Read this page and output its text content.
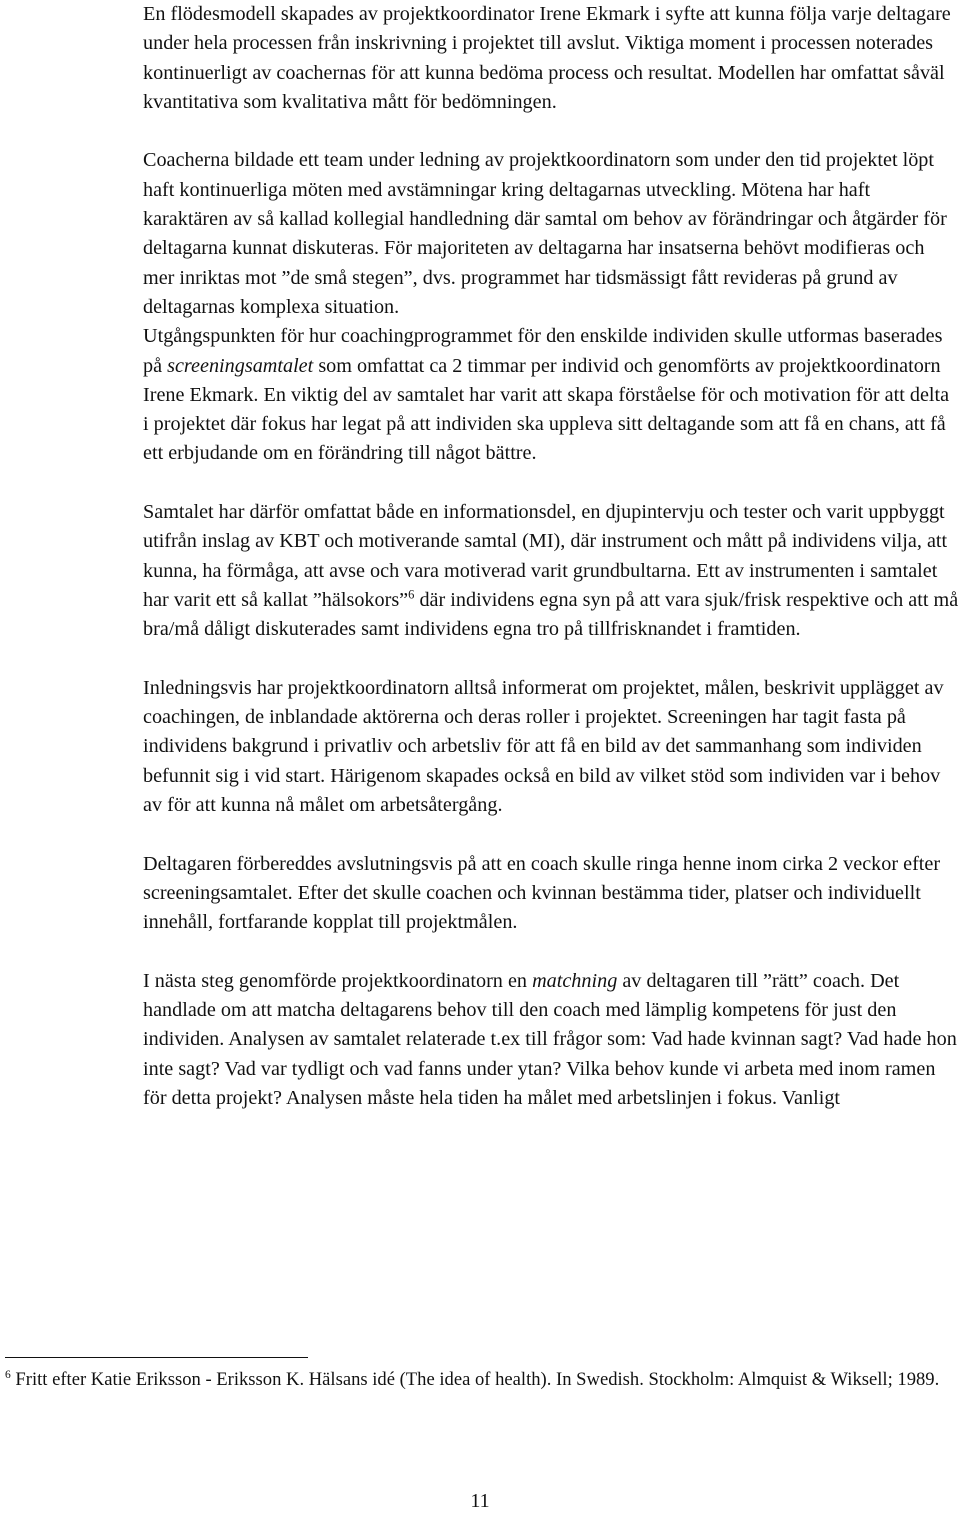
En flödesmodell skapades av projektkoordinator Irene Ekmark i syfte att kunna följa varje deltagare under hela processen från inskrivning i projektet till avslut. Viktiga moment i processen noterades kontinuerligt av coachernas för att kunna bedöma process och resultat. Modellen har omfattat såväl kvantitativa som kvalitativa mått för bedömningen.

Coacherna bildade ett team under ledning av projektkoordinatorn som under den tid projektet löpt haft kontinuerliga möten med avstämningar kring deltagarnas utveckling. Mötena har haft karaktären av så kallad kollegial handledning där samtal om behov av förändringar och åtgärder för deltagarna kunnat diskuteras. För majoriteten av deltagarna har insatserna behövt modifieras och mer inriktas mot ”de små stegen”, dvs. programmet har tidsmässigt fått revideras på grund av deltagarnas komplexa situation.

Utgångspunkten för hur coachingprogrammet för den enskilde individen skulle utformas baserades på screeningsamtalet som omfattat ca 2 timmar per individ och genomförts av projektkoordinatorn Irene Ekmark. En viktig del av samtalet har varit att skapa förståelse för och motivation för att delta i projektet där fokus har legat på att individen ska uppleva sitt deltagande som att få en chans, att få ett erbjudande om en förändring till något bättre.

Samtalet har därför omfattat både en informationsdel, en djupintervju och tester och varit uppbyggt utifrån inslag av KBT och motiverande samtal (MI), där instrument och mått på individens vilja, att kunna, ha förmåga, att avse och vara motiverad varit grundbultarna. Ett av instrumenten i samtalet har varit ett så kallat ”hälsokors”$^6$ där individens egna syn på att vara sjuk/frisk respektive och att må bra/må dåligt diskuterades samt individens egna tro på tillfrisknandet i framtiden.

Inledningsvis har projektkoordinatorn alltså informerat om projektet, målen, beskrivit upplägget av coachingen, de inblandade aktörerna och deras roller i projektet. Screeningen har tagit fasta på individens bakgrund i privatliv och arbetsliv för att få en bild av det sammanhang som individen befunnit sig i vid start. Härigenom skapades också en bild av vilket stöd som individen var i behov av för att kunna nå målet om arbetsåtergång.

Deltagaren förbereddes avslutningsvis på att en coach skulle ringa henne inom cirka 2 veckor efter screeningsamtalet. Efter det skulle coachen och kvinnan bestämma tider, platser och individuellt innehåll, fortfarande kopplat till projektmålen.

I nästa steg genomförde projektkoordinatorn en matchning av deltagaren till ”rätt” coach. Det handlade om att matcha deltagarens behov till den coach med lämplig kompetens för just den individen. Analysen av samtalet relaterade t.ex till frågor som: Vad hade kvinnan sagt? Vad hade hon inte sagt? Vad var tydligt och vad fanns under ytan? Vilka behov kunde vi arbeta med inom ramen för detta projekt? Analysen måste hela tiden ha målet med arbetslinjen i fokus. Vanligt

$^6$ Fritt efter Katie Eriksson - Eriksson K. Hälsans idé (The idea of health). In Swedish. Stockholm: Almquist & Wiksell; 1989.
11
